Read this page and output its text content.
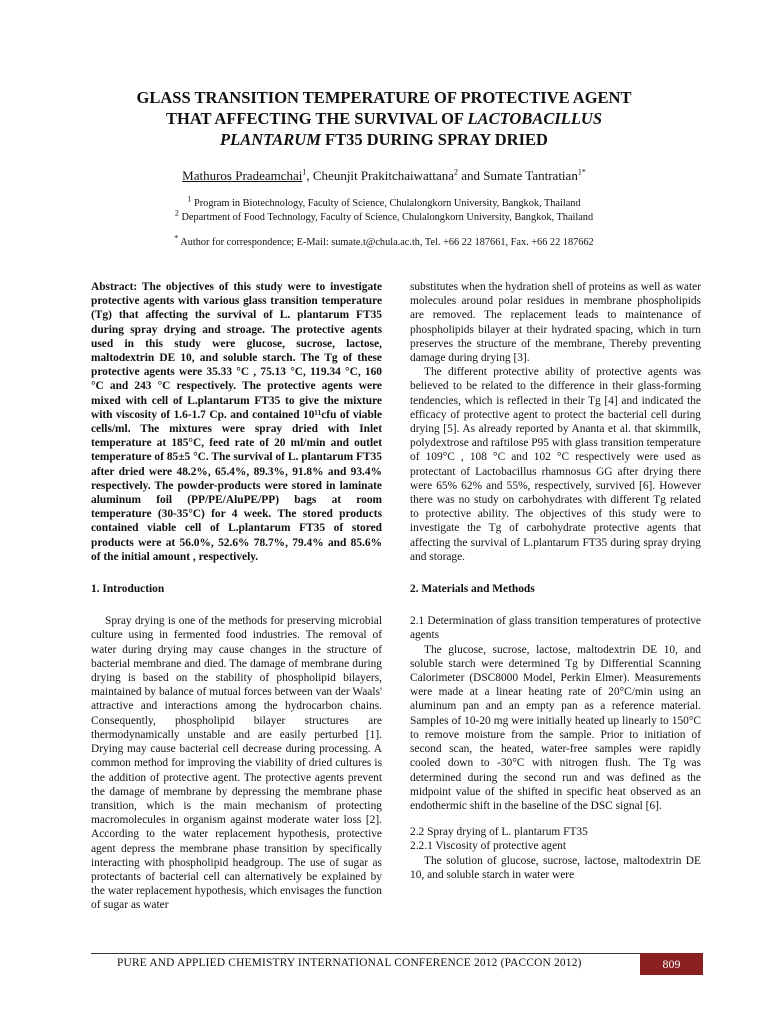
GLASS TRANSITION TEMPERATURE OF PROTECTIVE AGENT
THAT AFFECTING THE SURVIVAL OF LACTOBACILLUS
PLANTARUM FT35 DURING SPRAY DRIED
Mathuros Pradeamchai$^1$, Cheunjit Prakitchaiwattana$^2$ and Sumate Tantratian$^{1*}$
$^1$ Program in Biotechnology, Faculty of Science, Chulalongkorn University, Bangkok, Thailand
$^2$ Department of Food Technology, Faculty of Science, Chulalongkorn University, Bangkok, Thailand
* Author for correspondence; E-Mail: sumate.t@chula.ac.th, Tel. +66 22 187661, Fax. +66 22 187662

Abstract: The objectives of this study were to investigate protective agents with various glass transition temperature (Tg) that affecting the survival of L. plantarum FT35 during spray drying and stroage. The protective agents used in this study were glucose, sucrose, lactose, maltodextrin DE 10, and soluble starch. The Tg of these protective agents were 35.33 °C , 75.13 °C, 119.34 °C, 160 °C and 243 °C respectively. The protective agents were mixed with cell of L.plantarum FT35 to give the mixture with viscosity of 1.6-1.7 Cp. and contained 10¹¹cfu of viable cells/ml. The mixtures were spray dried with Inlet temperature at 185°C, feed rate of 20 ml/min and outlet temperature of 85±5 °C. The survival of L. plantarum FT35 after dried were 48.2%, 65.4%, 89.3%, 91.8% and 93.4% respectively. The powder-products were stored in laminate aluminum foil (PP/PE/AluPE/PP) bags at room temperature (30-35°C) for 4 week. The stored products contained viable cell of L.plantarum FT35 of stored products were at 56.0%, 52.6% 78.7%, 79.4% and 85.6% of the initial amount , respectively.

1. Introduction

Spray drying is one of the methods for preserving microbial culture using in fermented food industries. The removal of water during drying may cause changes in the structure of bacterial membrane and died. The damage of membrane during drying is based on the stability of phospholipid bilayers, maintained by balance of mutual forces between van der Waals' attractive and interactions among the hydrocarbon chains. Consequently, phospholipid bilayer structures are thermodynamically unstable and are easily perturbed [1]. Drying may cause bacterial cell decrease during processing. A common method for improving the viability of dried cultures is the addition of protective agent. The protective agents prevent the damage of membrane by depressing the membrane phase transition, which is the main mechanism of protecting macromolecules in organism against moderate water loss [2]. According to the water replacement hypothesis, protective agent depress the membrane phase transition by specifically interacting with phospholipid headgroup. The use of sugar as protectants of bacterial cell can alternatively be explained by the water replacement hypothesis, which envisages the function of sugar as water

substitutes when the hydration shell of proteins as well as water molecules around polar residues in membrane phospholipids are removed. The replacement leads to maintenance of phospholipids bilayer at their hydrated spacing, which in turn preserves the structure of the membrane, Thereby preventing damage during drying [3].

The different protective ability of protective agents was believed to be related to the difference in their glass-forming tendencies, which is reflected in their Tg [4] and indicated the efficacy of protective agent to protect the bacterial cell during drying [5]. As already reported by Ananta et al. that skimmilk, polydextrose and raftilose P95 with glass transition temperature of 109°C , 108 °C and 102 °C respectively were used as protectant of Lactobacillus rhamnosus GG after drying there were 65% 62% and 55%, respectively, survived [6]. However there was no study on carbohydrates with different Tg related to protective ability. The objectives of this study were to investigate the Tg of carbohydrate protective agents that affecting the survival of L.plantarum FT35 during spray drying and storage.

2. Materials and Methods

2.1 Determination of glass transition temperatures of protective agents

The glucose, sucrose, lactose, maltodextrin DE 10, and soluble starch were determined Tg by Differential Scanning Calorimeter (DSC8000 Model, Perkin Elmer). Measurements were made at a linear heating rate of 20°C/min using an aluminum pan and an empty pan as a reference material. Samples of 10-20 mg were initially heated up linearly to 150°C to remove moisture from the sample. Prior to initiation of second scan, the heated, water-free samples were rapidly cooled down to -30°C with nitrogen flush. The Tg was determined during the second run and was defined as the midpoint value of the shifted in specific heat observed as an endothermic shift in the baseline of the DSC signal [6].

2.2 Spray drying of L. plantarum FT35

2.2.1 Viscosity of protective agent

The solution of glucose, sucrose, lactose, maltodextrin DE 10, and soluble starch in water were

PURE AND APPLIED CHEMISTRY INTERNATIONAL CONFERENCE 2012 (PACCON 2012)	809
